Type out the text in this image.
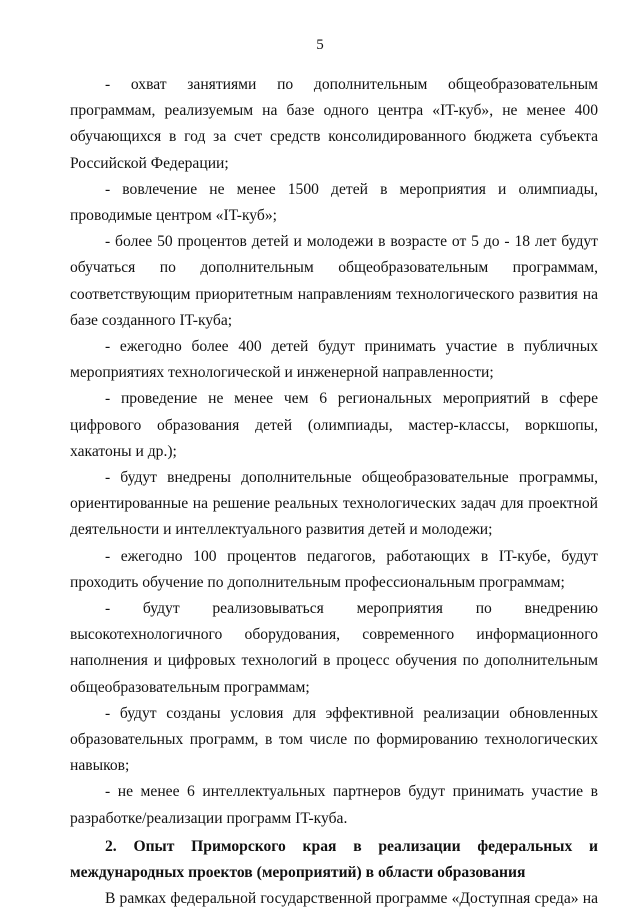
5

- охват занятиями по дополнительным общеобразовательным программам, реализуемым на базе одного центра «IT-куб», не менее 400 обучающихся в год за счет средств консолидированного бюджета субъекта Российской Федерации;

- вовлечение не менее 1500 детей в мероприятия и олимпиады, проводимые центром «IT-куб»;

- более 50 процентов детей и молодежи в возрасте от 5 до - 18 лет будут обучаться по дополнительным общеобразовательным программам, соответствующим приоритетным направлениям технологического развития на базе созданного IT-куба;

- ежегодно более 400 детей будут принимать участие в публичных мероприятиях технологической и инженерной направленности;

- проведение не менее чем 6 региональных мероприятий в сфере цифрового образования детей (олимпиады, мастер-классы, воркшопы, хакатоны и др.);

- будут внедрены дополнительные общеобразовательные программы, ориентированные на решение реальных технологических задач для проектной деятельности и интеллектуального развития детей и молодежи;

- ежегодно 100 процентов педагогов, работающих в IT-кубе, будут проходить обучение по дополнительным профессиональным программам;

- будут реализовываться мероприятия по внедрению высокотехнологичного оборудования, современного информационного наполнения и цифровых технологий в процесс обучения по дополнительным общеобразовательным программам;

- будут созданы условия для эффективной реализации обновленных образовательных программ, в том числе по формированию технологических навыков;

- не менее 6 интеллектуальных партнеров будут принимать участие в разработке/реализации программ IT-куба.

2. Опыт Приморского края в реализации федеральных и международных проектов (мероприятий) в области образования

В рамках федеральной государственной программе «Доступная среда» на
